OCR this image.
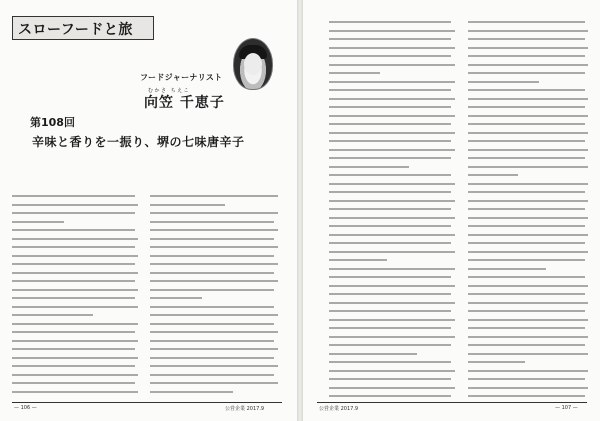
スローフードと旅
フードジャーナリスト
むかさ ちえこ
向笠 千恵子
第108回
辛味と香りを一振り、堺の七味唐辛子
— 106 —	公営企業 2017.9	公営企業 2017.9	— 107 —
